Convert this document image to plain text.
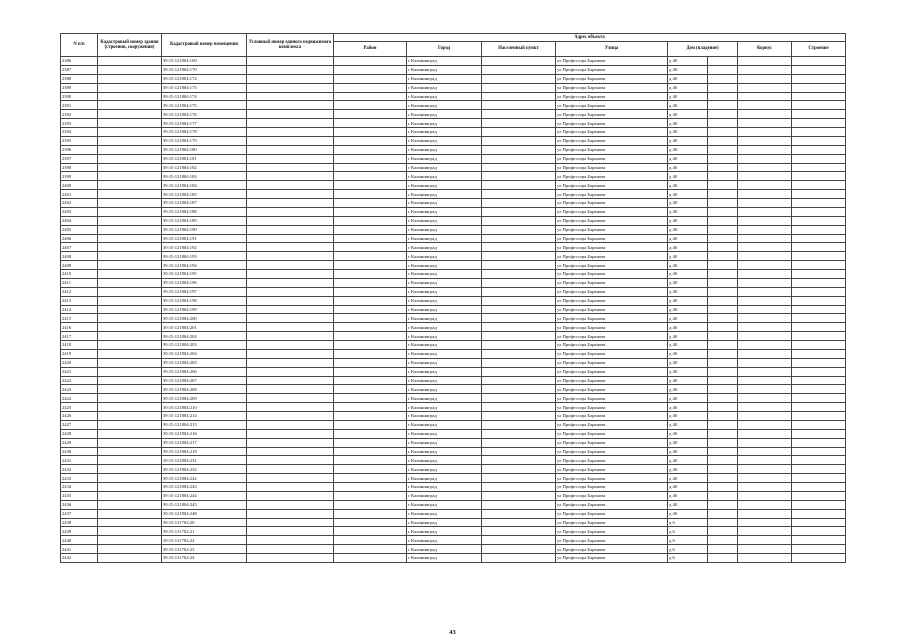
N п/п	Кадастровый номер здания (строения, сооружения)	Кадастровый номер помещения	Условный номер единого недвижимого комплекса	Адрес объекта							
				Район	Город	Населенный пункт	Улица	Дом (владение)		Корпус	Строение
2386		39:15:121804:169			г Калининград		ул Профессора Баранова	д 40			
2387		39:15:121804:170			г Калининград		ул Профессора Баранова	д 40			
2388		39:15:121804:172			г Калининград		ул Профессора Баранова	д 40			
2389		39:15:121804:173			г Калининград		ул Профессора Баранова	д 40			
2390		39:15:121804:174			г Калининград		ул Профессора Баранова	д 40			
2391		39:15:121804:175			г Калининград		ул Профессора Баранова	д 40			
2392		39:15:121804:176			г Калининград		ул Профессора Баранова	д 40			
2393		39:15:121804:177			г Калининград		ул Профессора Баранова	д 40			
2394		39:15:121804:178			г Калининград		ул Профессора Баранова	д 40			
2395		39:15:121804:179			г Калининград		ул Профессора Баранова	д 40			
2396		39:15:121804:180			г Калининград		ул Профессора Баранова	д 40			
2397		39:15:121804:181			г Калининград		ул Профессора Баранова	д 40			
2398		39:15:121804:182			г Калининград		ул Профессора Баранова	д 40			
2399		39:15:121804:183			г Калининград		ул Профессора Баранова	д 40			
2400		39:15:121804:184			г Калининград		ул Профессора Баранова	д 40			
2401		39:15:121804:185			г Калининград		ул Профессора Баранова	д 40			
2402		39:15:121804:187			г Калининград		ул Профессора Баранова	д 40			
2403		39:15:121804:188			г Калининград		ул Профессора Баранова	д 40			
2404		39:15:121804:189			г Калининград		ул Профессора Баранова	д 40			
2405		39:15:121804:190			г Калининград		ул Профессора Баранова	д 40			
2406		39:15:121804:191			г Калининград		ул Профессора Баранова	д 40			
2407		39:15:121804:192			г Калининград		ул Профессора Баранова	д 40			
2408		39:15:121804:193			г Калининград		ул Профессора Баранова	д 40			
2409		39:15:121804:194			г Калининград		ул Профессора Баранова	д 40			
2410		39:15:121804:195			г Калининград		ул Профессора Баранова	д 40			
2411		39:15:121804:196			г Калининград		ул Профессора Баранова	д 40			
2412		39:15:121804:197			г Калининград		ул Профессора Баранова	д 40			
2413		39:15:121804:198			г Калининград		ул Профессора Баранова	д 40			
2414		39:15:121804:199			г Калининград		ул Профессора Баранова	д 40			
2415		39:15:121804:200			г Калининград		ул Профессора Баранова	д 40			
2416		39:15:121804:201			г Калининград		ул Профессора Баранова	д 40			
2417		39:15:121804:202			г Калининград		ул Профессора Баранова	д 40			
2418		39:15:121804:203			г Калининград		ул Профессора Баранова	д 40			
2419		39:15:121804:204			г Калининград		ул Профессора Баранова	д 40			
2420		39:15:121804:205			г Калининград		ул Профессора Баранова	д 40			
2421		39:15:121804:206			г Калининград		ул Профессора Баранова	д 40			
2422		39:15:121804:207			г Калининград		ул Профессора Баранова	д 40			
2423		39:15:121804:208			г Калининград		ул Профессора Баранова	д 40			
2424		39:15:121804:209			г Калининград		ул Профессора Баранова	д 40			
2425		39:15:121804:210			г Калининград		ул Профессора Баранова	д 40			
2426		39:15:121804:214			г Калининград		ул Профессора Баранова	д 40			
2427		39:15:121804:215			г Калининград		ул Профессора Баранова	д 40			
2428		39:15:121804:216			г Калининград		ул Профессора Баранова	д 40			
2429		39:15:121804:217			г Калининград		ул Профессора Баранова	д 40			
2430		39:15:121804:218			г Калининград		ул Профессора Баранова	д 40			
2431		39:15:121804:231			г Калининград		ул Профессора Баранова	д 40			
2432		39:15:121804:232			г Калининград		ул Профессора Баранова	д 40			
2433		39:15:121804:242			г Калининград		ул Профессора Баранова	д 40			
2434		39:15:121804:243			г Калининград		ул Профессора Баранова	д 40			
2435		39:15:121804:244			г Калининград		ул Профессора Баранова	д 40			
2436		39:15:121804:245			г Калининград		ул Профессора Баранова	д 40			
2437		39:15:121804:248			г Калининград		ул Профессора Баранова	д 40			
2438		39:15:131702:20			г Калининград		ул Профессора Баранова	д 6			
2439		39:15:131702:21			г Калининград		ул Профессора Баранова	д 6			
2440		39:15:131702:22			г Калининград		ул Профессора Баранова	д 6			
2441		39:15:131702:23			г Калининград		ул Профессора Баранова	д 6			
2442		39:15:131702:24			г Калининград		ул Профессора Баранова	д 6			
43
